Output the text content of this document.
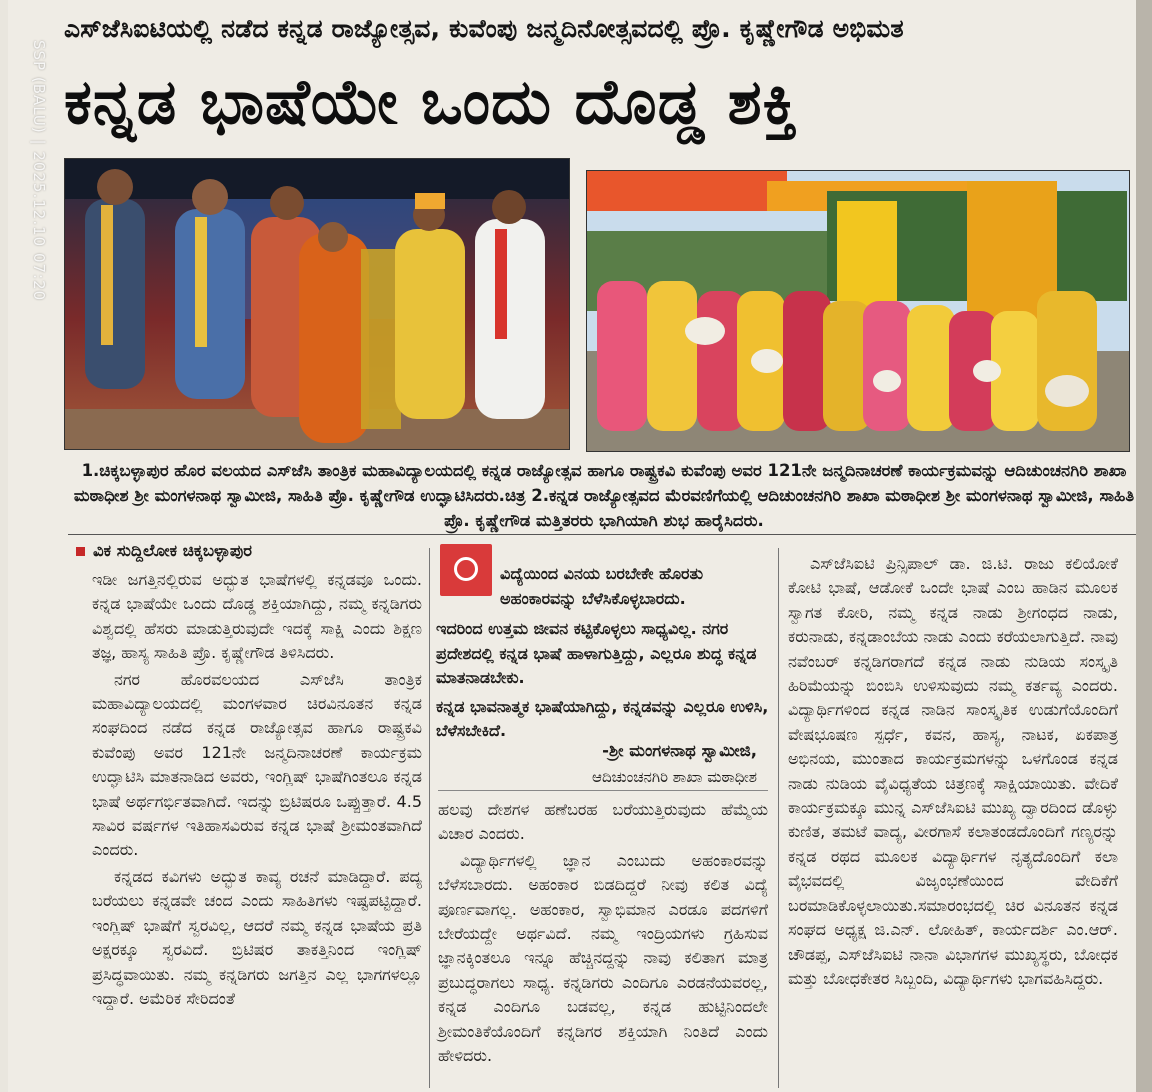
SSP (BALU) | 2025.12.10 07:20
ಎಸ್‌ಜೆಸಿಐಟಿಯಲ್ಲಿ ನಡೆದ ಕನ್ನಡ ರಾಜ್ಯೋತ್ಸವ, ಕುವೆಂಪು ಜನ್ಮದಿನೋತ್ಸವದಲ್ಲಿ ಪ್ರೊ. ಕೃಷ್ಣೇಗೌಡ ಅಭಿಮತ
ಕನ್ನಡ ಭಾಷೆಯೇ ಒಂದು ದೊಡ್ಡ ಶಕ್ತಿ
1.ಚಿಕ್ಕಬಳ್ಳಾಪುರ ಹೊರ ವಲಯದ ಎಸ್‌ಜೆಸಿ ತಾಂತ್ರಿಕ ಮಹಾವಿದ್ಯಾಲಯದಲ್ಲಿ ಕನ್ನಡ ರಾಜ್ಯೋತ್ಸವ ಹಾಗೂ ರಾಷ್ಟ್ರಕವಿ ಕುವೆಂಪು ಅವರ 121ನೇ ಜನ್ಮದಿನಾಚರಣೆ ಕಾರ್ಯಕ್ರಮವನ್ನು ಆದಿಚುಂಚನಗಿರಿ ಶಾಖಾ ಮಠಾಧೀಶ ಶ್ರೀ ಮಂಗಳನಾಥ ಸ್ವಾಮೀಜಿ, ಸಾಹಿತಿ ಪ್ರೊ. ಕೃಷ್ಣೇಗೌಡ ಉದ್ಘಾಟಿಸಿದರು.ಚಿತ್ರ 2.ಕನ್ನಡ ರಾಜ್ಯೋತ್ಸವದ ಮೆರವಣಿಗೆಯಲ್ಲಿ ಆದಿಚುಂಚನಗಿರಿ ಶಾಖಾ ಮಠಾಧೀಶ ಶ್ರೀ ಮಂಗಳನಾಥ ಸ್ವಾಮೀಜಿ, ಸಾಹಿತಿ ಪ್ರೊ. ಕೃಷ್ಣೇಗೌಡ ಮತ್ತಿತರರು ಭಾಗಿಯಾಗಿ ಶುಭ ಹಾರೈಸಿದರು.
ವಿಕ ಸುದ್ದಿಲೋಕ ಚಿಕ್ಕಬಳ್ಳಾಪುರ

ಇಡೀ ಜಗತ್ತಿನಲ್ಲಿರುವ ಅದ್ಭುತ ಭಾಷೆಗಳಲ್ಲಿ ಕನ್ನಡವೂ ಒಂದು. ಕನ್ನಡ ಭಾಷೆಯೇ ಒಂದು ದೊಡ್ಡ ಶಕ್ತಿಯಾಗಿದ್ದು, ನಮ್ಮ ಕನ್ನಡಿಗರು ವಿಶ್ವದಲ್ಲಿ ಹೆಸರು ಮಾಡುತ್ತಿರುವುದೇ ಇದಕ್ಕೆ ಸಾಕ್ಷಿ ಎಂದು ಶಿಕ್ಷಣ ತಜ್ಞ, ಹಾಸ್ಯ ಸಾಹಿತಿ ಪ್ರೊ. ಕೃಷ್ಣೇಗೌಡ ತಿಳಿಸಿದರು.

ನಗರ ಹೊರವಲಯದ ಎಸ್‌ಜೆಸಿ ತಾಂತ್ರಿಕ ಮಹಾವಿದ್ಯಾಲಯದಲ್ಲಿ ಮಂಗಳವಾರ ಚಿರವಿನೂತನ ಕನ್ನಡ ಸಂಘದಿಂದ ನಡೆದ ಕನ್ನಡ ರಾಜ್ಯೋತ್ಸವ ಹಾಗೂ ರಾಷ್ಟ್ರಕವಿ ಕುವೆಂಪು ಅವರ 121ನೇ ಜನ್ಮದಿನಾಚರಣೆ ಕಾರ್ಯಕ್ರಮ ಉದ್ಘಾಟಿಸಿ ಮಾತನಾಡಿದ ಅವರು, ಇಂಗ್ಲಿಷ್ ಭಾಷೆಗಿಂತಲೂ ಕನ್ನಡ ಭಾಷೆ ಅರ್ಥಗರ್ಭಿತವಾಗಿದೆ. ಇದನ್ನು ಬ್ರಿಟಿಷರೂ ಒಪ್ಪುತ್ತಾರೆ. 4.5 ಸಾವಿರ ವರ್ಷಗಳ ಇತಿಹಾಸವಿರುವ ಕನ್ನಡ ಭಾಷೆ ಶ್ರೀಮಂತವಾಗಿದೆ ಎಂದರು.

ಕನ್ನಡದ ಕವಿಗಳು ಅದ್ಭುತ ಕಾವ್ಯ ರಚನೆ ಮಾಡಿದ್ದಾರೆ. ಪದ್ಯ ಬರೆಯಲು ಕನ್ನಡವೇ ಚಂದ ಎಂದು ಸಾಹಿತಿಗಳು ಇಷ್ಟಪಟ್ಟಿದ್ದಾರೆ. ಇಂಗ್ಲಿಷ್ ಭಾಷೆಗೆ ಸ್ವರವಿಲ್ಲ, ಆದರೆ ನಮ್ಮ ಕನ್ನಡ ಭಾಷೆಯ ಪ್ರತಿ ಅಕ್ಷರಕ್ಕೂ ಸ್ವರವಿದೆ. ಬ್ರಿಟಿಷರ ತಾಕತ್ತಿನಿಂದ ಇಂಗ್ಲಿಷ್ ಪ್ರಸಿದ್ಧವಾಯಿತು. ನಮ್ಮ ಕನ್ನಡಿಗರು ಜಗತ್ತಿನ ಎಲ್ಲ ಭಾಗಗಳಲ್ಲೂ ಇದ್ದಾರೆ. ಅಮೆರಿಕ ಸೇರಿದಂತೆ

ವಿದ್ಯೆಯಿಂದ ವಿನಯ ಬರಬೇಕೇ ಹೊರತು ಅಹಂಕಾರವನ್ನು ಬೆಳೆಸಿಕೊಳ್ಳಬಾರದು.
ಇದರಿಂದ ಉತ್ತಮ ಜೀವನ ಕಟ್ಟಿಕೊಳ್ಳಲು ಸಾಧ್ಯವಿಲ್ಲ. ನಗರ ಪ್ರದೇಶದಲ್ಲಿ ಕನ್ನಡ ಭಾಷೆ ಹಾಳಾಗುತ್ತಿದ್ದು, ಎಲ್ಲರೂ ಶುದ್ಧ ಕನ್ನಡ ಮಾತನಾಡಬೇಕು.
ಕನ್ನಡ ಭಾವನಾತ್ಮಕ ಭಾಷೆಯಾಗಿದ್ದು, ಕನ್ನಡವನ್ನು ಎಲ್ಲರೂ ಉಳಿಸಿ, ಬೆಳೆಸಬೇಕಿದೆ.
-ಶ್ರೀ ಮಂಗಳನಾಥ ಸ್ವಾಮೀಜಿ,
ಆದಿಚುಂಚನಗಿರಿ ಶಾಖಾ ಮಠಾಧೀಶ

ಹಲವು ದೇಶಗಳ ಹಣೆಬರಹ ಬರೆಯುತ್ತಿರುವುದು ಹೆಮ್ಮೆಯ ವಿಚಾರ ಎಂದರು.

ವಿದ್ಯಾರ್ಥಿಗಳಲ್ಲಿ ಜ್ಞಾನ ಎಂಬುದು ಅಹಂಕಾರವನ್ನು ಬೆಳೆಸಬಾರದು. ಅಹಂಕಾರ ಬಿಡದಿದ್ದರೆ ನೀವು ಕಲಿತ ವಿದ್ಯೆ ಪೂರ್ಣವಾಗಲ್ಲ. ಅಹಂಕಾರ, ಸ್ವಾಭಿಮಾನ ಎರಡೂ ಪದಗಳಿಗೆ ಬೇರೆಯದ್ದೇ ಅರ್ಥವಿದೆ. ನಮ್ಮ ಇಂದ್ರಿಯಗಳು ಗ್ರಹಿಸುವ ಜ್ಞಾನಕ್ಕಿಂತಲೂ ಇನ್ನೂ ಹೆಚ್ಚಿನದ್ದನ್ನು ನಾವು ಕಲಿತಾಗ ಮಾತ್ರ ಪ್ರಬುದ್ಧರಾಗಲು ಸಾಧ್ಯ. ಕನ್ನಡಿಗರು ಎಂದಿಗೂ ಎರಡನೆಯವರಲ್ಲ, ಕನ್ನಡ ಎಂದಿಗೂ ಬಡವಲ್ಲ, ಕನ್ನಡ ಹುಟ್ಟಿನಿಂದಲೇ ಶ್ರೀಮಂತಿಕೆಯೊಂದಿಗೆ ಕನ್ನಡಿಗರ ಶಕ್ತಿಯಾಗಿ ನಿಂತಿದೆ ಎಂದು ಹೇಳಿದರು.

ಎಸ್‌ಜೆಸಿಐಟಿ ಪ್ರಿನ್ಸಿಪಾಲ್ ಡಾ. ಜಿ.ಟಿ. ರಾಜು ಕಲಿಯೋಕೆ ಕೋಟಿ ಭಾಷೆ, ಆಡೋಕೆ ಒಂದೇ ಭಾಷೆ ಎಂಬ ಹಾಡಿನ ಮೂಲಕ ಸ್ವಾಗತ ಕೋರಿ, ನಮ್ಮ ಕನ್ನಡ ನಾಡು ಶ್ರೀಗಂಧದ ನಾಡು, ಕರುನಾಡು, ಕನ್ನಡಾಂಬೆಯ ನಾಡು ಎಂದು ಕರೆಯಲಾಗುತ್ತಿದೆ. ನಾವು ನವೆಂಬರ್ ಕನ್ನಡಿಗರಾಗದೆ ಕನ್ನಡ ನಾಡು ನುಡಿಯ ಸಂಸ್ಕೃತಿ ಹಿರಿಮೆಯನ್ನು ಬಿಂಬಿಸಿ ಉಳಿಸುವುದು ನಮ್ಮ ಕರ್ತವ್ಯ ಎಂದರು. ವಿದ್ಯಾರ್ಥಿಗಳಿಂದ ಕನ್ನಡ ನಾಡಿನ ಸಾಂಸ್ಕೃತಿಕ ಉಡುಗೆಯೊಂದಿಗೆ ವೇಷಭೂಷಣ ಸ್ಪರ್ಧೆ, ಕವನ, ಹಾಸ್ಯ, ನಾಟಕ, ಏಕಪಾತ್ರ ಅಭಿನಯ, ಮುಂತಾದ ಕಾರ್ಯಕ್ರಮಗಳನ್ನು ಒಳಗೊಂಡ ಕನ್ನಡ ನಾಡು ನುಡಿಯ ವೈವಿಧ್ಯತೆಯ ಚಿತ್ರಣಕ್ಕೆ ಸಾಕ್ಷಿಯಾಯಿತು. ವೇದಿಕೆ ಕಾರ್ಯಕ್ರಮಕ್ಕೂ ಮುನ್ನ ಎಸ್‌ಜೆಸಿಐಟಿ ಮುಖ್ಯ ದ್ವಾರದಿಂದ ಡೊಳ್ಳು ಕುಣಿತ, ತಮಟೆ ವಾದ್ಯ, ವೀರಗಾಸೆ ಕಲಾತಂಡದೊಂದಿಗೆ ಗಣ್ಯರನ್ನು ಕನ್ನಡ ರಥದ ಮೂಲಕ ವಿದ್ಯಾರ್ಥಿಗಳ ನೃತ್ಯದೊಂದಿಗೆ ಕಲಾ ವೈಭವದಲ್ಲಿ ವಿಜೃಂಭಣೆಯಿಂದ ವೇದಿಕೆಗೆ ಬರಮಾಡಿಕೊಳ್ಳಲಾಯಿತು.ಸಮಾರಂಭದಲ್ಲಿ ಚಿರ ವಿನೂತನ ಕನ್ನಡ ಸಂಘದ ಅಧ್ಯಕ್ಷ ಜಿ.ಎನ್. ಲೋಹಿತ್, ಕಾರ್ಯದರ್ಶಿ ಎಂ.ಆರ್. ಚೌಡಪ್ಪ, ಎಸ್‌ಜೆಸಿಐಟಿ ನಾನಾ ವಿಭಾಗಗಳ ಮುಖ್ಯಸ್ಥರು, ಬೋಧಕ ಮತ್ತು ಬೋಧಕೇತರ ಸಿಬ್ಬಂದಿ, ವಿದ್ಯಾರ್ಥಿಗಳು ಭಾಗವಹಿಸಿದ್ದರು.
